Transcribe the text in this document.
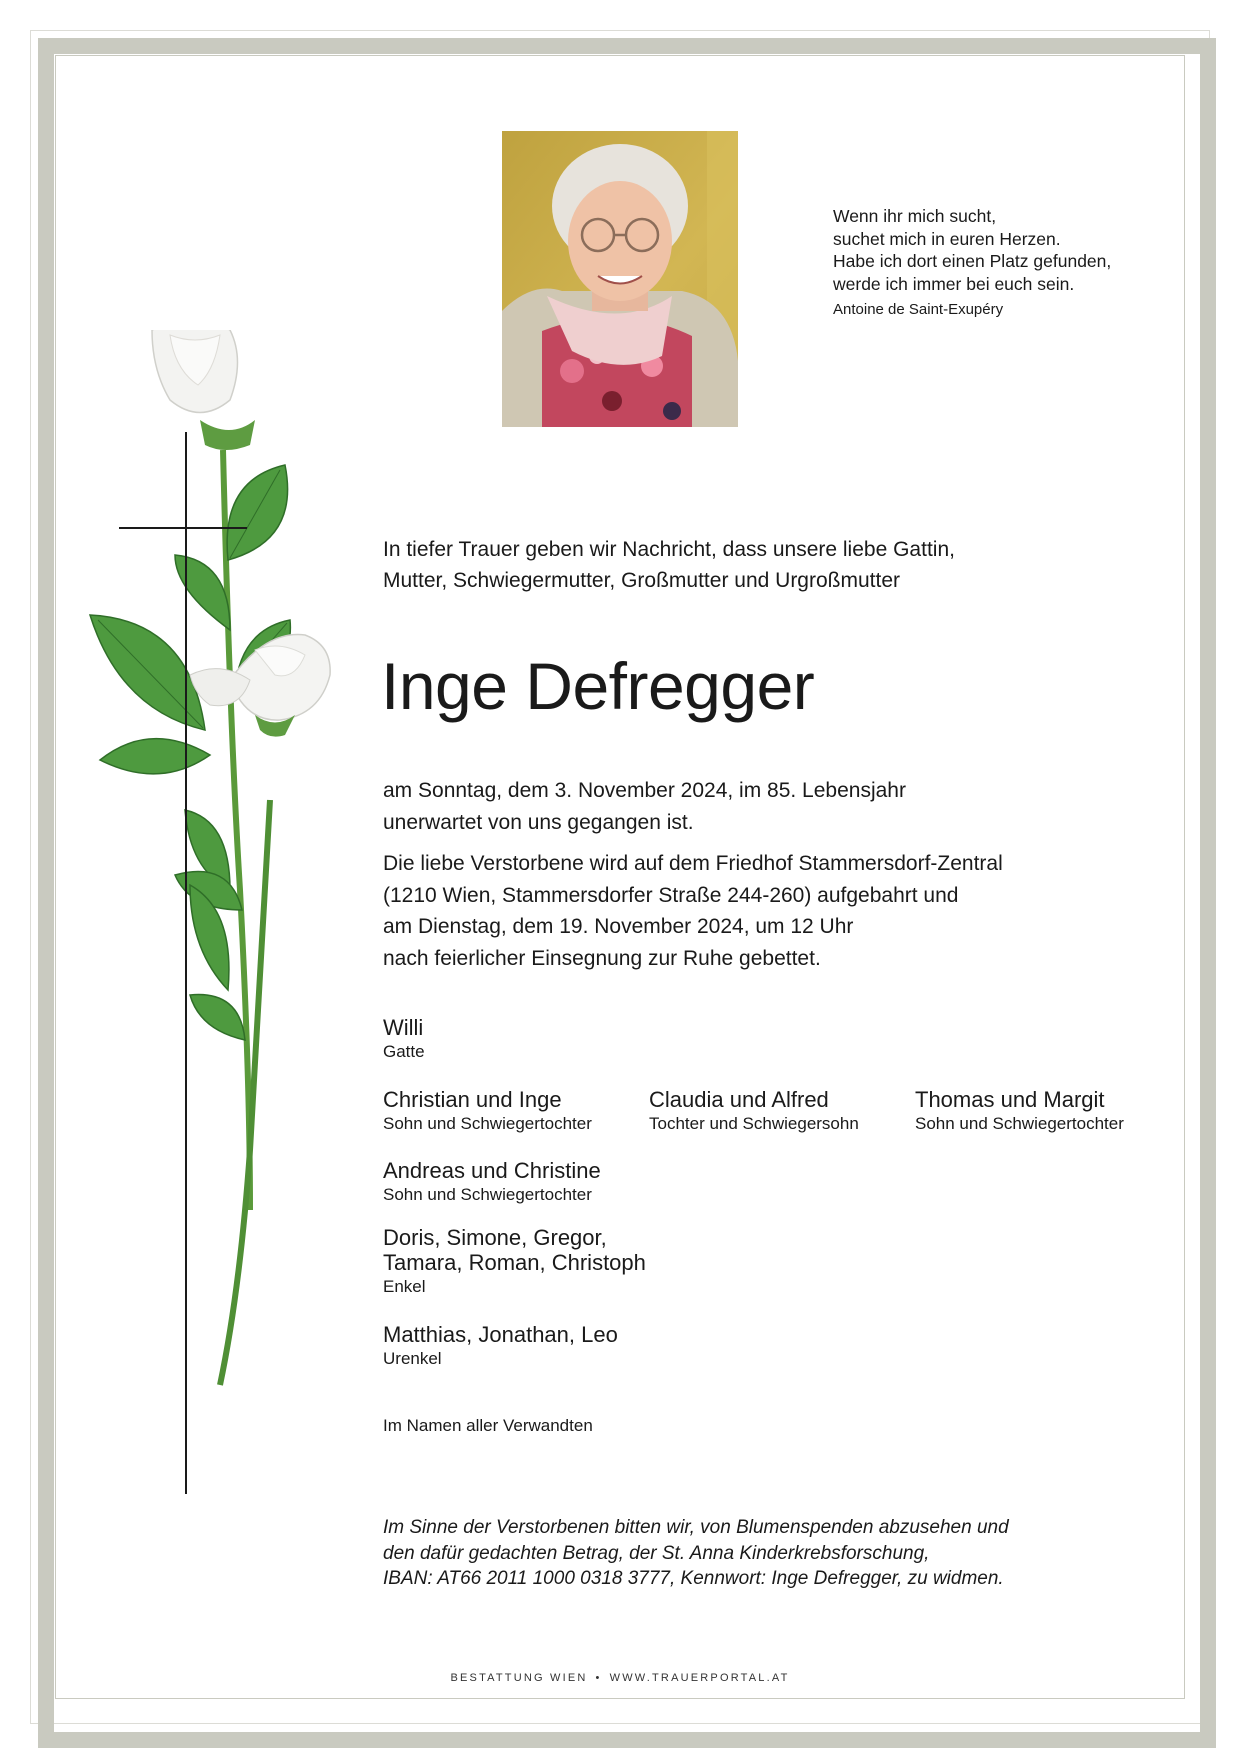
Wenn ihr mich sucht,
suchet mich in euren Herzen.
Habe ich dort einen Platz gefunden,
werde ich immer bei euch sein.
Antoine de Saint-Exupéry
In tiefer Trauer geben wir Nachricht, dass unsere liebe Gattin,
Mutter, Schwiegermutter, Großmutter und Urgroßmutter
Inge Defregger
am Sonntag, dem 3. November 2024, im 85. Lebensjahr
unerwartet von uns gegangen ist.
Die liebe Verstorbene wird auf dem Friedhof Stammersdorf-Zentral
(1210 Wien, Stammersdorfer Straße 244-260) aufgebahrt und
am Dienstag, dem 19. November 2024, um 12 Uhr
nach feierlicher Einsegnung zur Ruhe gebettet.
Willi
Gatte
Christian und Inge
Sohn und Schwiegertochter
Claudia und Alfred
Tochter und Schwiegersohn
Thomas und Margit
Sohn und Schwiegertochter
Andreas und Christine
Sohn und Schwiegertochter
Doris, Simone, Gregor,
Tamara, Roman, Christoph
Enkel
Matthias, Jonathan, Leo
Urenkel
Im Namen aller Verwandten
Im Sinne der Verstorbenen bitten wir, von Blumenspenden abzusehen und
den dafür gedachten Betrag, der St. Anna Kinderkrebsforschung,
IBAN: AT66 2011 1000 0318 3777, Kennwort: Inge Defregger, zu widmen.
BESTATTUNG WIEN • WWW.TRAUERPORTAL.AT
